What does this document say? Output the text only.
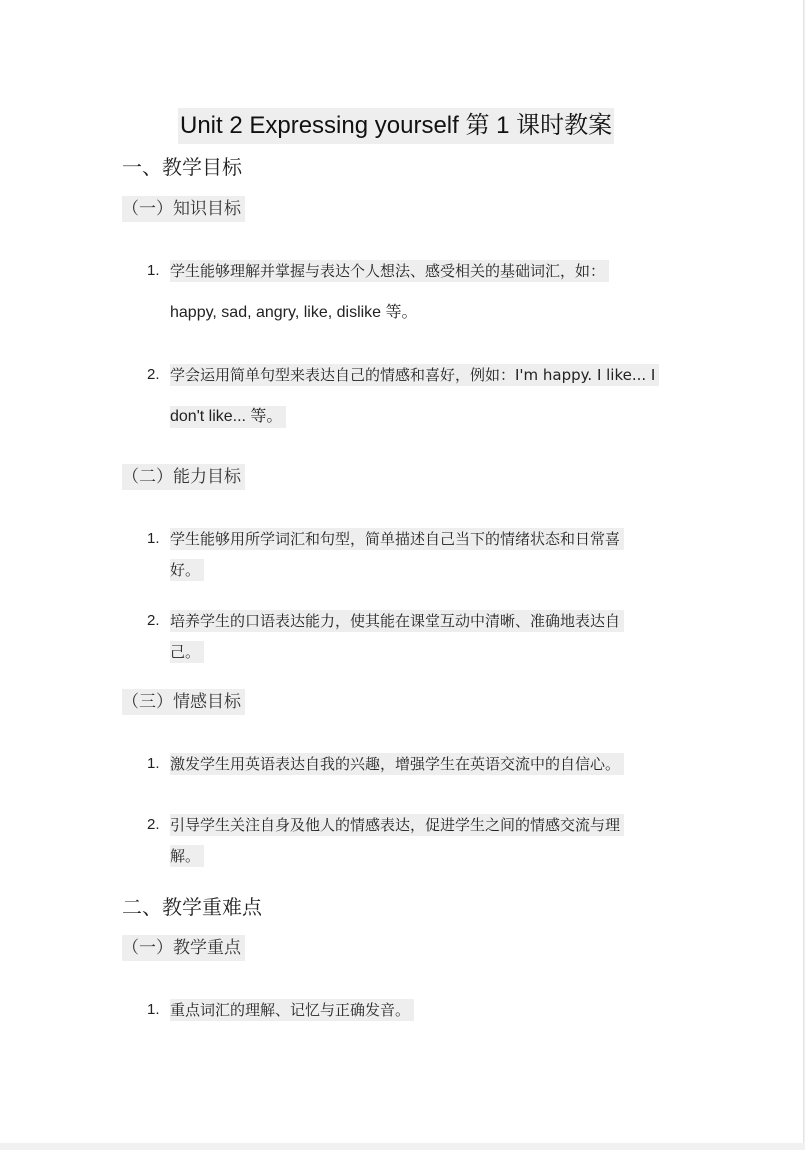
Unit 2 Expressing yourself 第 1 课时教案
一、教学目标
（一）知识目标
1. 学生能够理解并掌握与表达个人想法、感受相关的基础词汇，如：
happy, sad, angry, like, dislike 等。
2. 学会运用简单句型来表达自己的情感和喜好，例如：I'm happy. I like... I
don't like... 等。
（二）能力目标
1. 学生能够用所学词汇和句型，简单描述自己当下的情绪状态和日常喜
好。
2. 培养学生的口语表达能力，使其能在课堂互动中清晰、准确地表达自
己。
（三）情感目标
1. 激发学生用英语表达自我的兴趣，增强学生在英语交流中的自信心。
2. 引导学生关注自身及他人的情感表达，促进学生之间的情感交流与理
解。
二、教学重难点
（一）教学重点
1. 重点词汇的理解、记忆与正确发音。
